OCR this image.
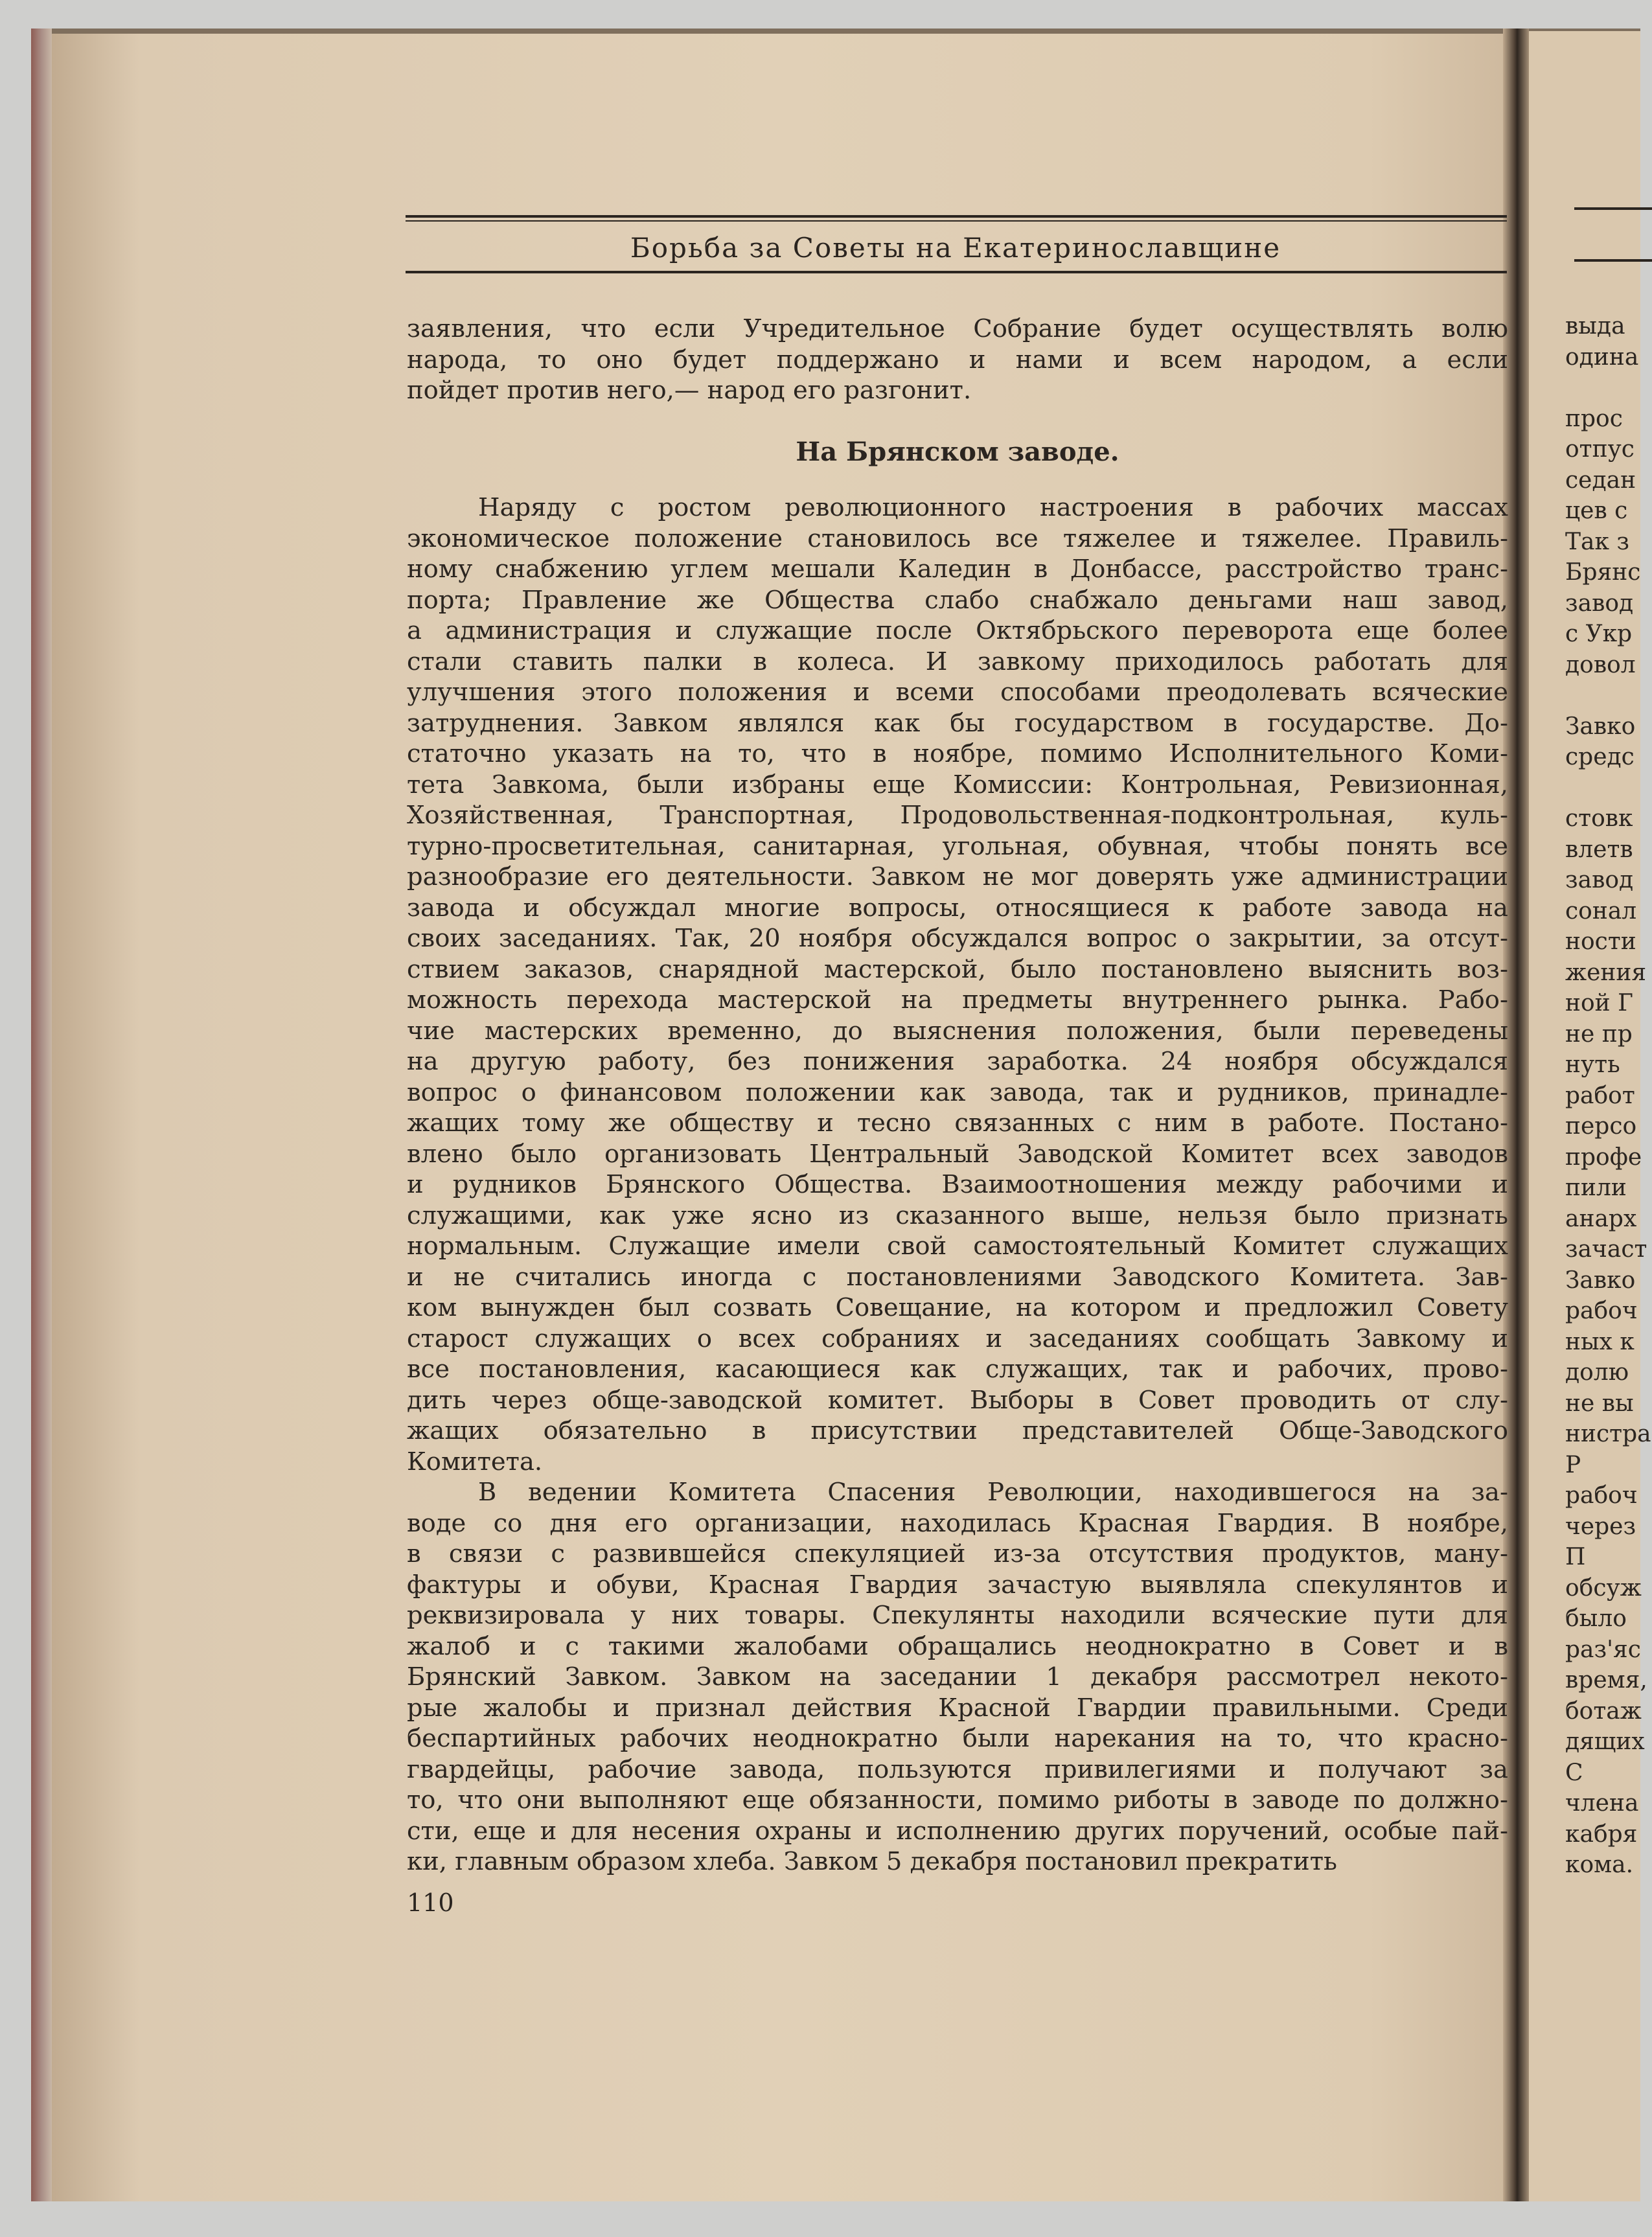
выда
одина
прос
отпус
седан
цев с
Так з
Брянс
завод
с Укр
довол
Завко
средс
стовк
влетв
завод
сонал
ности
жения
ной Г
не пр
нуть
работ
персо
профе
пили
анарх
зачаст
Завко
рабоч
ных к
долю
не вы
нистра
Р
рабоч
через
П
обсуж
было
раз'яс
время,
ботаж
дящих
С
члена
кабря
кома.
Борьба за Советы на Екатеринославщине
заявления, что если Учредительное Собрание будет осуществлять волю
народа, то оно будет поддержано и нами и всем народом, а если
пойдет против него,— народ его разгонит.
На Брянском заводе.
Наряду с ростом революционного настроения в рабочих массах
экономическое положение становилось все тяжелее и тяжелее. Правиль-
ному снабжению углем мешали Каледин в Донбассе, расстройство транс-
порта; Правление же Общества слабо снабжало деньгами наш завод,
а администрация и служащие после Октябрьского переворота еще более
стали ставить палки в колеса. И завкому приходилось работать для
улучшения этого положения и всеми способами преодолевать всяческие
затруднения. Завком являлся как бы государством в государстве. До-
статочно указать на то, что в ноябре, помимо Исполнительного Коми-
тета Завкома, были избраны еще Комиссии: Контрольная, Ревизионная,
Хозяйственная, Транспортная, Продовольственная-подконтрольная, куль-
турно-просветительная, санитарная, угольная, обувная, чтобы понять все
разнообразие его деятельности. Завком не мог доверять уже администрации
завода и обсуждал многие вопросы, относящиеся к работе завода на
своих заседаниях. Так, 20 ноября обсуждался вопрос о закрытии, за отсут-
ствием заказов, снарядной мастерской, было постановлено выяснить воз-
можность перехода мастерской на предметы внутреннего рынка. Рабо-
чие мастерских временно, до выяснения положения, были переведены
на другую работу, без понижения заработка. 24 ноября обсуждался
вопрос о финансовом положении как завода, так и рудников, принадле-
жащих тому же обществу и тесно связанных с ним в работе. Постано-
влено было организовать Центральный Заводской Комитет всех заводов
и рудников Брянского Общества. Взаимоотношения между рабочими и
служащими, как уже ясно из сказанного выше, нельзя было признать
нормальным. Служащие имели свой самостоятельный Комитет служащих
и не считались иногда с постановлениями Заводского Комитета. Зав-
ком вынужден был созвать Совещание, на котором и предложил Совету
старост служащих о всех собраниях и заседаниях сообщать Завкому и
все постановления, касающиеся как служащих, так и рабочих, прово-
дить через обще-заводской комитет. Выборы в Совет проводить от слу-
жащих обязательно в присутствии представителей Обще-Заводского
Комитета.
В ведении Комитета Спасения Революции, находившегося на за-
воде со дня его организации, находилась Красная Гвардия. В ноябре,
в связи с развившейся спекуляцией из-за отсутствия продуктов, ману-
фактуры и обуви, Красная Гвардия зачастую выявляла спекулянтов и
реквизировала у них товары. Спекулянты находили всяческие пути для
жалоб и с такими жалобами обращались неоднократно в Совет и в
Брянский Завком. Завком на заседании 1 декабря рассмотрел некото-
рые жалобы и признал действия Красной Гвардии правильными. Среди
беспартийных рабочих неоднократно были нарекания на то, что красно-
гвардейцы, рабочие завода, пользуются привилегиями и получают за
то, что они выполняют еще обязанности, помимо риботы в заводе по должно-
сти, еще и для несения охраны и исполнению других поручений, особые пай-
ки, главным образом хлеба. Завком 5 декабря постановил прекратить
110
